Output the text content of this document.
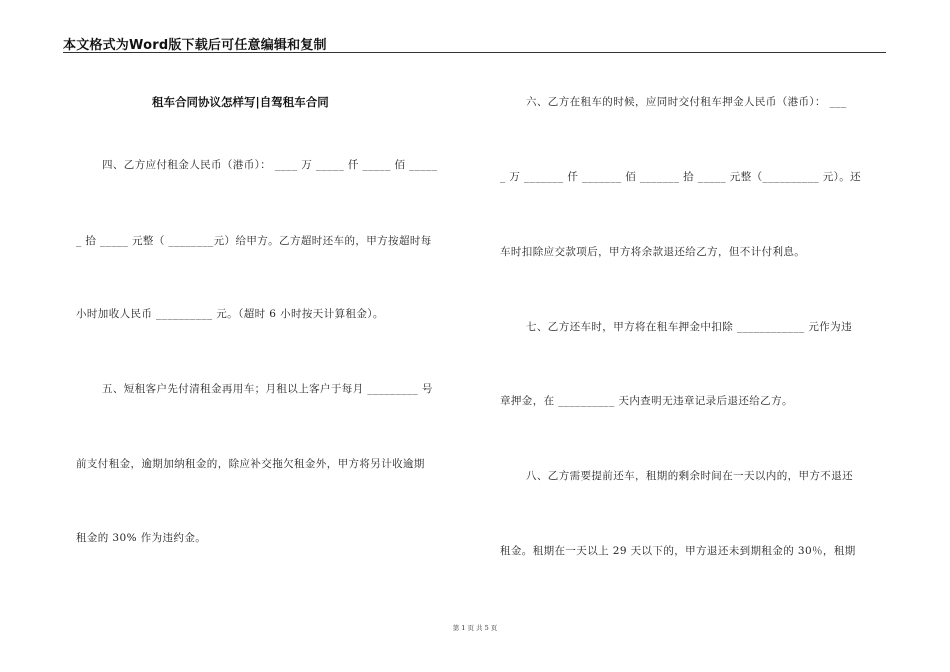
本文格式为Word版下载后可任意编辑和复制
租车合同协议怎样写|自驾租车合同
四、乙方应付租金人民币（港币）： ____ 万 _____ 仟 _____ 佰 _____
_ 拾 _____ 元整（ ________元）给甲方。乙方超时还车的，甲方按超时每
小时加收人民币 __________ 元。（超时 6 小时按天计算租金）。
五、短租客户先付清租金再用车；月租以上客户于每月 _________ 号
前支付租金，逾期加纳租金的，除应补交拖欠租金外，甲方将另计收逾期
租金的 30% 作为违约金。
六、乙方在租车的时候，应同时交付租车押金人民币（港币）： ___
_ 万 _______ 仟 _______ 佰 _______ 拾 _____ 元整（__________ 元）。还
车时扣除应交款项后，甲方将余款退还给乙方，但不计付利息。
七、乙方还车时，甲方将在租车押金中扣除 ____________ 元作为违
章押金，在 __________ 天内查明无违章记录后退还给乙方。
八、乙方需要提前还车，租期的剩余时间在一天以内的，甲方不退还
租金。租期在一天以上 29 天以下的，甲方退还未到期租金的 30％，租期
第 1 页 共 5 页
